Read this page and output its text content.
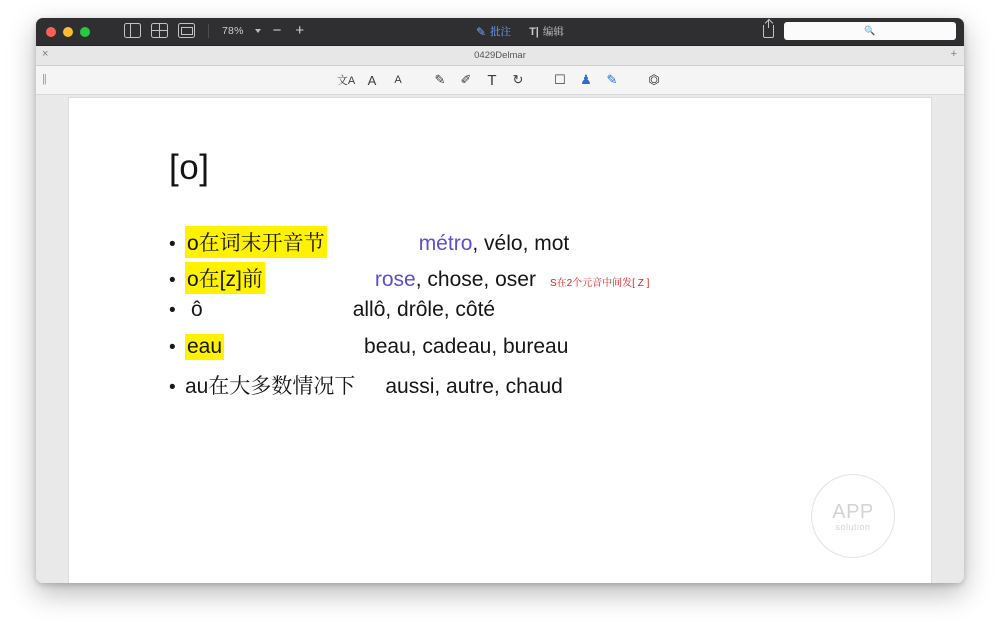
78% − +	✎ 批注 T| 编辑	🔍
×	0429Delmar	+
||	文A A	A	✎	✐	T	↻	☐	♟	✎	⏣
[o]
• o在词末开音节	métro, vélo, mot
• o在[z]前	rose, chose, oser S在2个元音中间发[ Z ]
• ô	allô, drôle, côté
• eau	beau, cadeau, bureau
• au在大多数情况下 aussi, autre, chaud
APP
solution
